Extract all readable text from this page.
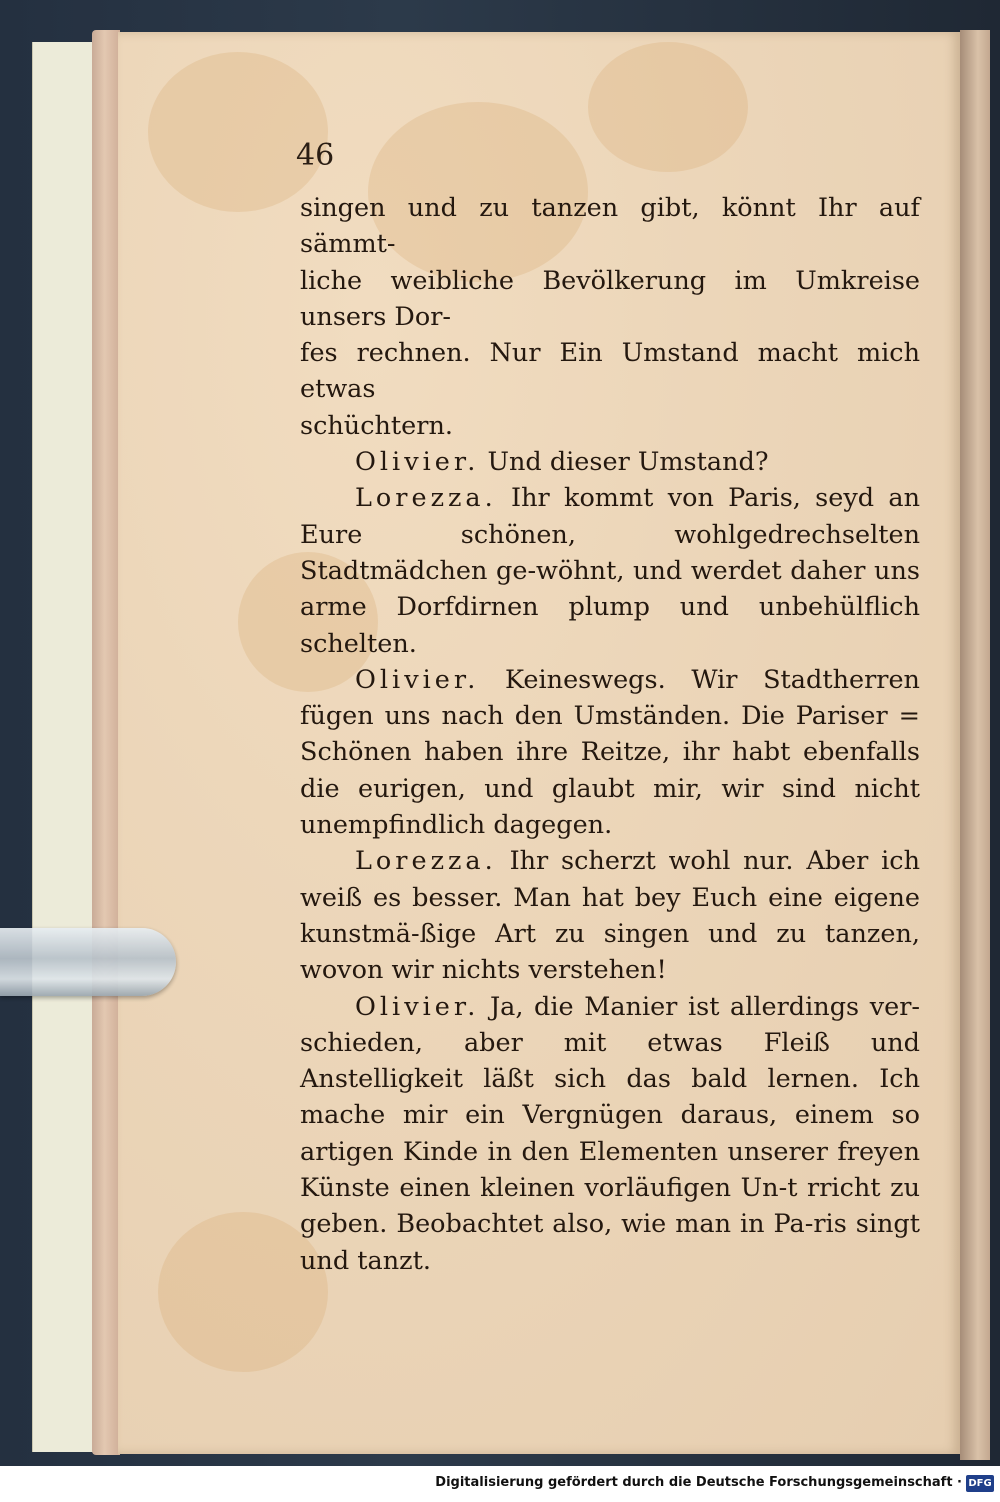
46

singen und zu tanzen gibt, könnt Ihr auf sämmt-
liche weibliche Bevölkerung im Umkreise unsers Dor-
fes rechnen. Nur Ein Umstand macht mich etwas
schüchtern.

Olivier. Und dieser Umstand?

Lorezza. Ihr kommt von Paris, seyd an Eure schönen, wohlgedrechselten Stadtmädchen ge-wöhnt, und werdet daher uns arme Dorfdirnen plump und unbehülflich schelten.

Olivier. Keineswegs. Wir Stadtherren fügen uns nach den Umständen. Die Pariser = Schönen haben ihre Reitze, ihr habt ebenfalls die eurigen, und glaubt mir, wir sind nicht unempfindlich dagegen.

Lorezza. Ihr scherzt wohl nur. Aber ich weiß es besser. Man hat bey Euch eine eigene kunstmä-ßige Art zu singen und zu tanzen, wovon wir nichts verstehen!

Olivier. Ja, die Manier ist allerdings ver-schieden, aber mit etwas Fleiß und Anstelligkeit läßt sich das bald lernen. Ich mache mir ein Vergnügen daraus, einem so artigen Kinde in den Elementen unserer freyen Künste einen kleinen vorläufigen Un-t rricht zu geben. Beobachtet also, wie man in Pa-ris singt und tanzt.

Digitalisierung gefördert durch die Deutsche Forschungsgemeinschaft · DFG
